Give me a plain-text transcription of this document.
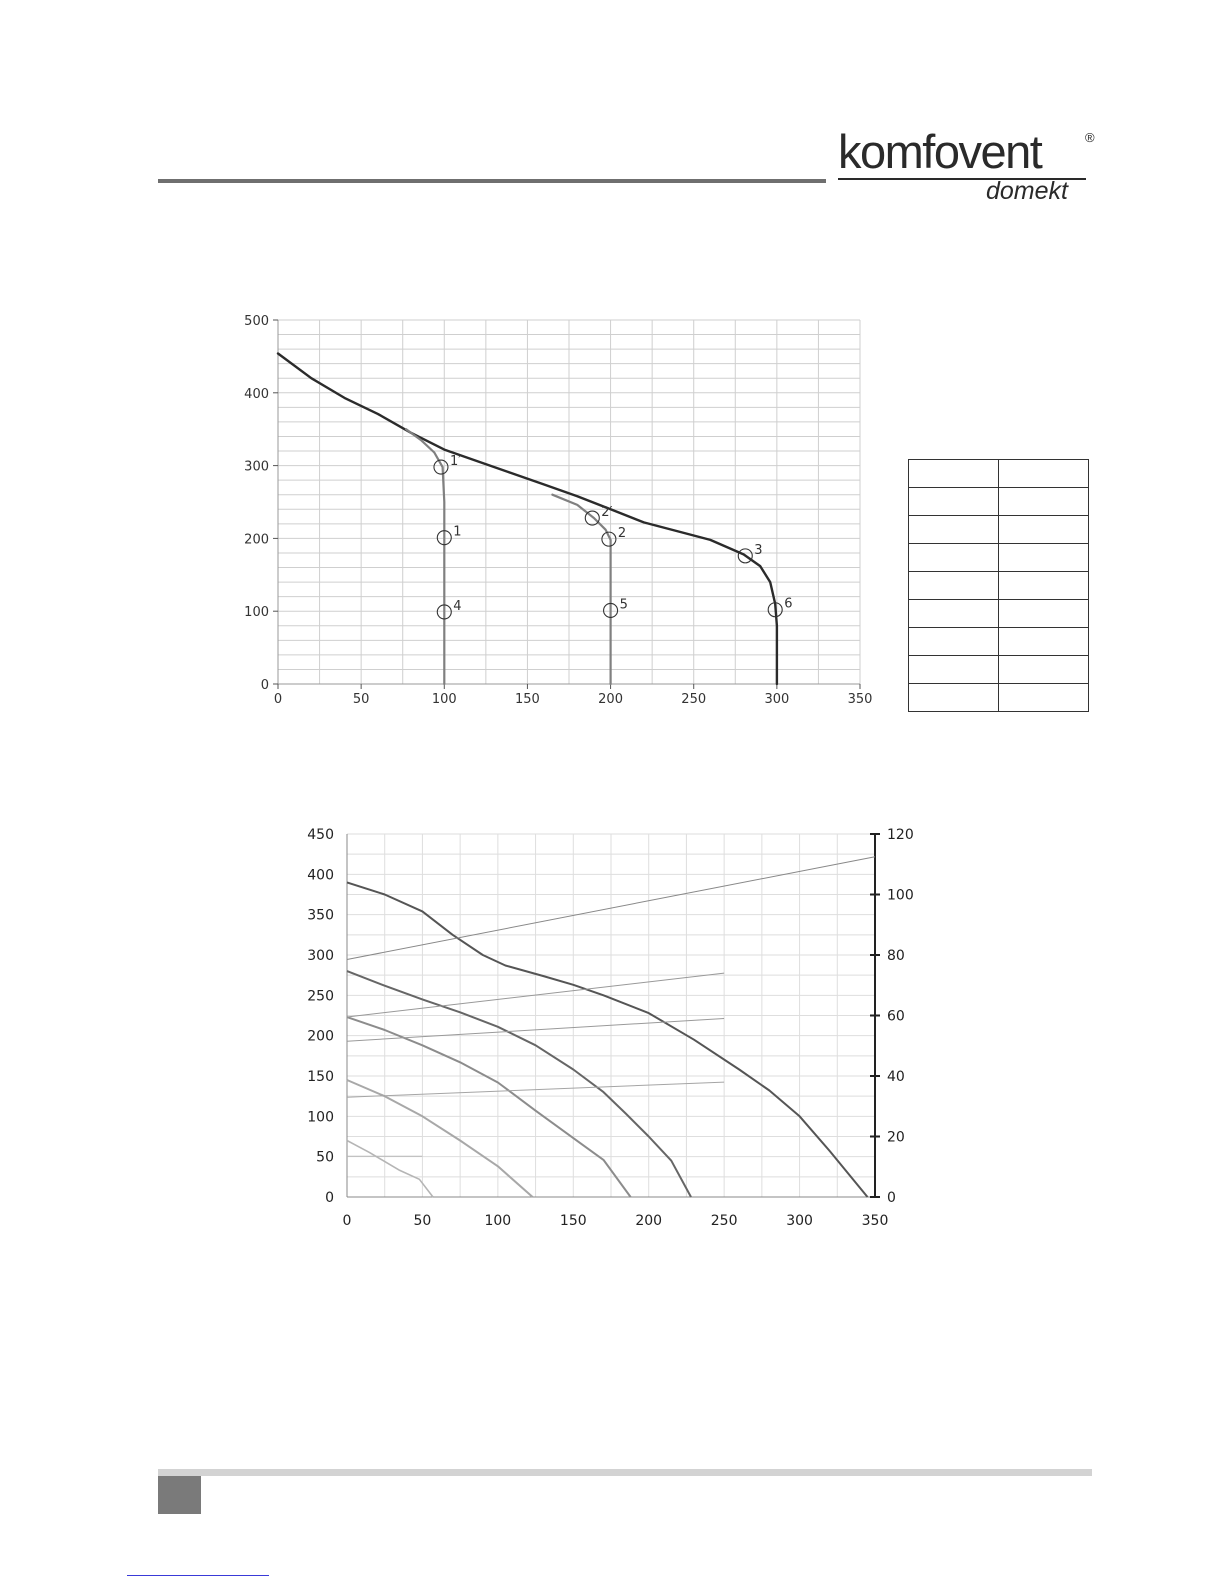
komfovent	®
domekt
0	50	100	150	200	250	300	350
0
100
200
300
400
500
1′
1
4
2′
2
5
3
6

0	50	100	150	200	250	300	350
0
50
100
150
200
250
300
350
400
450
0
20
40
60
80
100
120
